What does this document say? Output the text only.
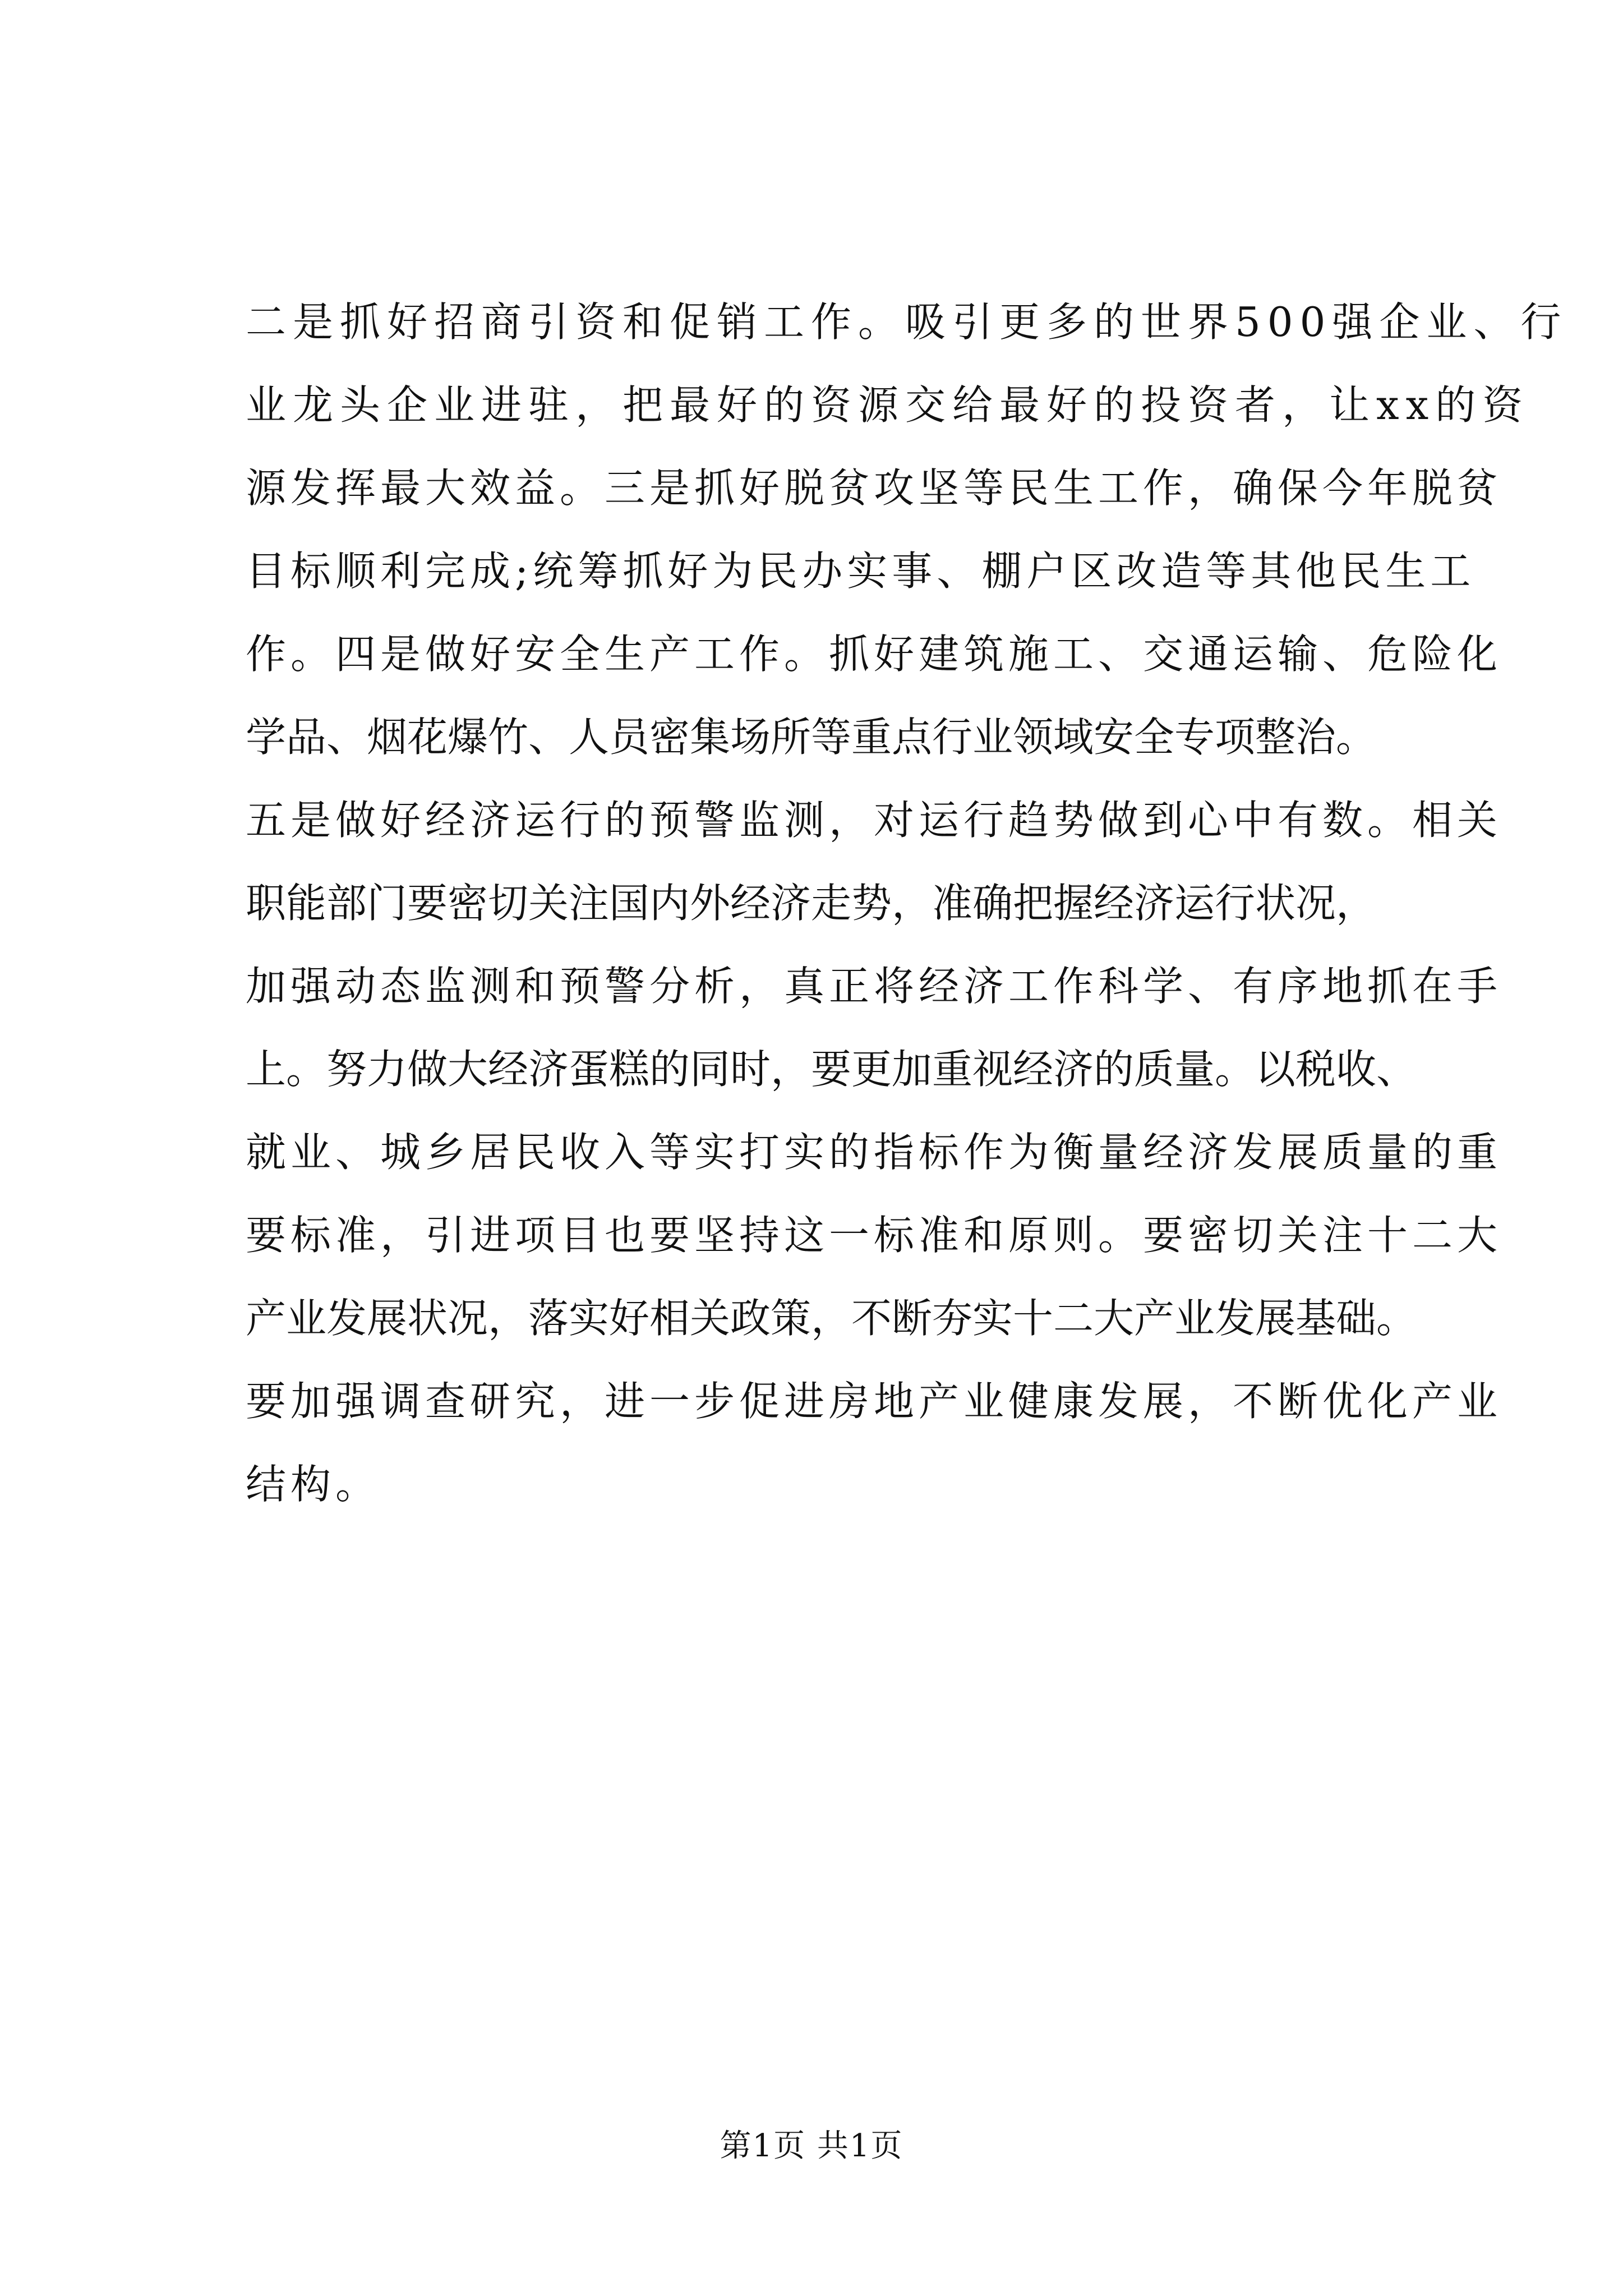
二是抓好招商引资和促销工作。吸引更多的世界500强企业、行
业龙头企业进驻，把最好的资源交给最好的投资者，让xx的资
源发挥最大效益。三是抓好脱贫攻坚等民生工作，确保今年脱贫
目标顺利完成;统筹抓好为民办实事、棚户区改造等其他民生工
作。四是做好安全生产工作。抓好建筑施工、交通运输、危险化
学品、烟花爆竹、人员密集场所等重点行业领域安全专项整治。
五是做好经济运行的预警监测，对运行趋势做到心中有数。相关
职能部门要密切关注国内外经济走势，准确把握经济运行状况，
加强动态监测和预警分析，真正将经济工作科学、有序地抓在手
上。努力做大经济蛋糕的同时，要更加重视经济的质量。以税收、
就业、城乡居民收入等实打实的指标作为衡量经济发展质量的重
要标准，引进项目也要坚持这一标准和原则。要密切关注十二大
产业发展状况，落实好相关政策，不断夯实十二大产业发展基础。
要加强调查研究，进一步促进房地产业健康发展，不断优化产业
结构。
第1页 共1页
